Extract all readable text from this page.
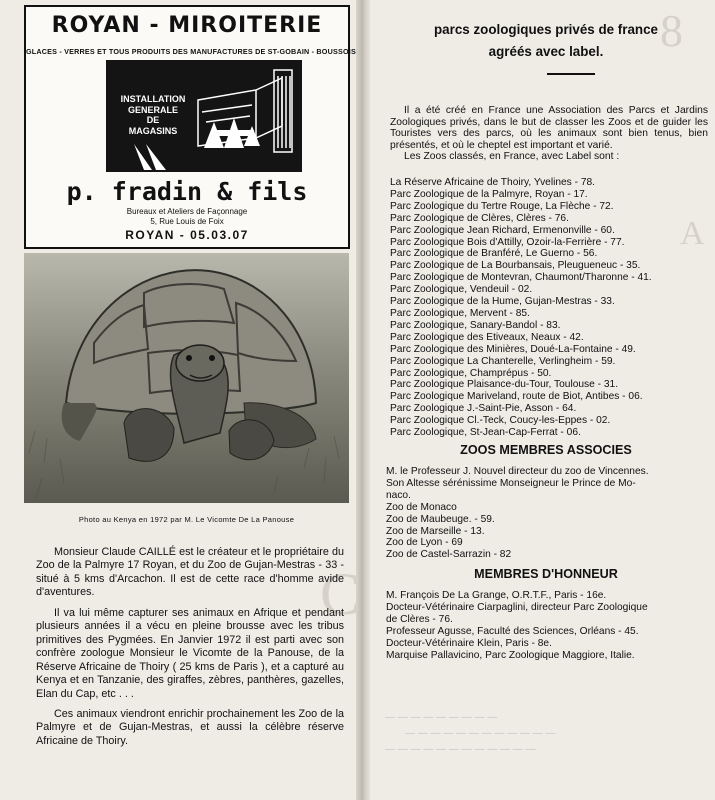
8
A
C
ROYAN - MIROITERIE
GLACES - VERRES ET TOUS PRODUITS DES MANUFACTURES DE ST-GOBAIN - BOUSSOIS
INSTALLATION
GENERALE
DE
MAGASINS
p. fradin & fils
Bureaux et Ateliers de Façonnage
5, Rue Louis de Foix
ROYAN - 05.03.07
Photo au Kenya en 1972 par M. Le Vicomte De La Panouse

Monsieur Claude CAILLÉ est le créateur et le propriétaire du Zoo de la Palmyre 17 Royan, et du Zoo de Gujan-Mestras - 33 - situé à 5 kms d'Arcachon. Il est de cette race d'homme avide d'aventures.

Il va lui même capturer ses animaux en Afrique et pendant plusieurs années il a vécu en pleine brousse avec les tribus primitives des Pygmées. En Janvier 1972 il est parti avec son confrère zoologue Monsieur le Vicomte de la Panouse, de la Réserve Africaine de Thoiry ( 25 kms de Paris ), et a capturé au Kenya et en Tanzanie, des giraffes, zèbres, panthères, gazelles, Elan du Cap, etc . . .

Ces animaux viendront enrichir prochainement les Zoo de la Palmyre et de Gujan-Mestras, et aussi la célèbre réserve Africaine de Thoiry.

parcs zoologiques privés de france
agréés avec label.

Il a été créé en France une Association des Parcs et Jardins Zoologiques privés, dans le but de classer les Zoos et de guider les Touristes vers des parcs, où les animaux sont bien tenus, bien présentés, et où le cheptel est important et varié.

Les Zoos classés, en France, avec Label sont :

La Réserve Africaine de Thoiry, Yvelines - 78.
Parc Zoologique de la Palmyre, Royan - 17.
Parc Zoologique du Tertre Rouge, La Flèche - 72.
Parc Zoologique de Clères, Clères - 76.
Parc Zoologique Jean Richard, Ermenonville - 60.
Parc Zoologique Bois d'Attilly, Ozoir-la-Ferrière - 77.
Parc Zoologique de Branféré, Le Guerno - 56.
Parc Zoologique de La Bourbansais, Pleugueneuc - 35.
Parc Zoologique de Montevran, Chaumont/Tharonne - 41.
Parc Zoologique, Vendeuil - 02.
Parc Zoologique de la Hume, Gujan-Mestras - 33.
Parc Zoologique, Mervent - 85.
Parc Zoologique, Sanary-Bandol - 83.
Parc Zoologique des Etiveaux, Neaux - 42.
Parc Zoologique des Minières, Doué-La-Fontaine - 49.
Parc Zoologique La Chanterelle, Verlingheim - 59.
Parc Zoologique, Champrépus - 50.
Parc Zoologique Plaisance-du-Tour, Toulouse - 31.
Parc Zoologique Mariveland, route de Biot, Antibes - 06.
Parc Zoologique J.-Saint-Pie, Asson - 64.
Parc Zoologique Cl.-Teck, Coucy-les-Eppes - 02.
Parc Zoologique, St-Jean-Cap-Ferrat - 06.
ZOOS MEMBRES ASSOCIES
M. le Professeur J. Nouvel directeur du zoo de Vincennes.
Son Altesse sérénissime Monseigneur le Prince de Mo-
naco.
Zoo de Monaco
Zoo de Maubeuge. - 59.
Zoo de Marseille - 13.
Zoo de Lyon - 69
Zoo de Castel-Sarrazin - 82
MEMBRES D'HONNEUR
M. François De La Grange, O.R.T.F., Paris - 16e.
Docteur-Vétérinaire Ciarpaglini, directeur Parc Zoologique
de Clères - 76.
Professeur Agusse, Faculté des Sciences, Orléans - 45.
Docteur-Vétérinaire Klein, Paris - 8e.
Marquise Pallavicino, Parc Zoologique Maggiore, Italie.
— — — — — — — — —
— — — — — — — — — — — —
— — — — — — — — — — — —
